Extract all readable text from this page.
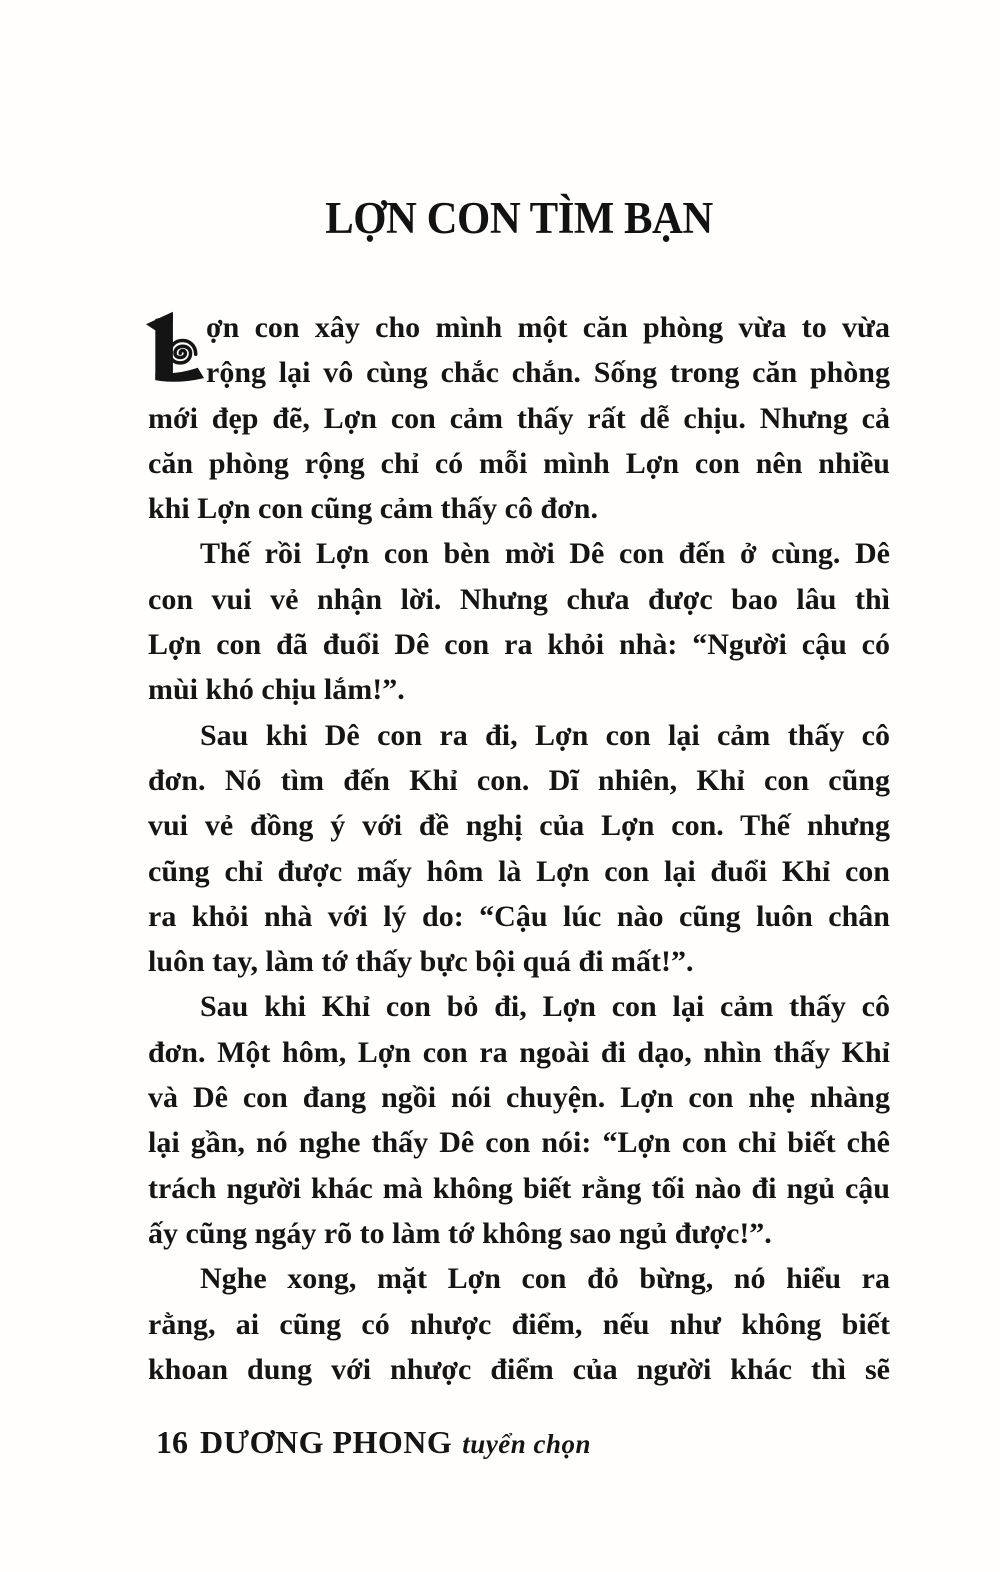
LỢN CON TÌM BẠN
ợn con xây cho mình một căn phòng vừa to vừa
rộng lại vô cùng chắc chắn. Sống trong căn phòng
mới đẹp đẽ, Lợn con cảm thấy rất dễ chịu. Nhưng cả
căn phòng rộng chỉ có mỗi mình Lợn con nên nhiều
khi Lợn con cũng cảm thấy cô đơn.
Thế rồi Lợn con bèn mời Dê con đến ở cùng. Dê
con vui vẻ nhận lời. Nhưng chưa được bao lâu thì
Lợn con đã đuổi Dê con ra khỏi nhà: “Người cậu có
mùi khó chịu lắm!”.
Sau khi Dê con ra đi, Lợn con lại cảm thấy cô
đơn. Nó tìm đến Khỉ con. Dĩ nhiên, Khỉ con cũng
vui vẻ đồng ý với đề nghị của Lợn con. Thế nhưng
cũng chỉ được mấy hôm là Lợn con lại đuổi Khỉ con
ra khỏi nhà với lý do: “Cậu lúc nào cũng luôn chân
luôn tay, làm tớ thấy bực bội quá đi mất!”.
Sau khi Khỉ con bỏ đi, Lợn con lại cảm thấy cô
đơn. Một hôm, Lợn con ra ngoài đi dạo, nhìn thấy Khỉ
và Dê con đang ngồi nói chuyện. Lợn con nhẹ nhàng
lại gần, nó nghe thấy Dê con nói: “Lợn con chỉ biết chê
trách người khác mà không biết rằng tối nào đi ngủ cậu
ấy cũng ngáy rõ to làm tớ không sao ngủ được!”.
Nghe xong, mặt Lợn con đỏ bừng, nó hiểu ra
rằng, ai cũng có nhược điểm, nếu như không biết
khoan dung với nhược điểm của người khác thì sẽ
16 DƯƠNG PHONG tuyển chọn
